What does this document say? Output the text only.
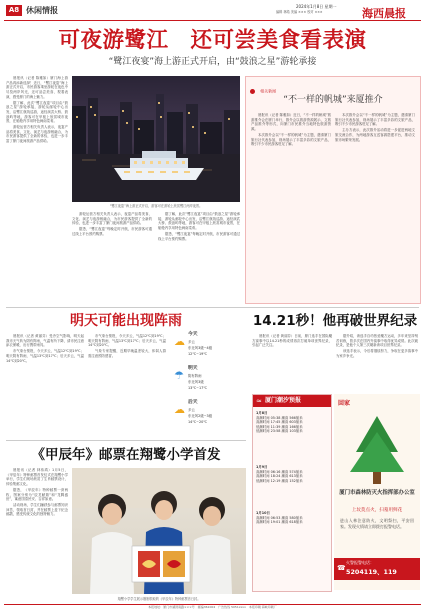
A8 休闲情报	2024年1月8日 星期一
编辑 林皓 美编 ××× 校对 ×××	海西晨报
可夜游鹭江　还可尝美食看表演
“鹭江夜宴”海上游正式开启，由“鼓浪之星”游轮承接

晨报讯（记者 陈雅如）厦门海上游产品再添新选择！近日，“鹭江夜宴”海上游正式开启，市民游客乘坐游轮在夜色中尽览两岸风光，还可品尝美食、观看表演，感受厦门的海上魅力。

据了解，此次“鹭江夜宴”项目由“鼓浪之星”游轮承接，游轮从邮轮中心出发，沿鹭江航线巡游，途经演武大桥、鼓浪屿等地，游客可在甲板上欣赏城市夜景，在船舱内享用特色闽南菜肴。

游轮运营方相关负责人表示，夜宴产品将美食、文化、演艺与夜游相融合，为市民游客提供了全新的体验，也进一步丰富了厦门夜间旅游产品供给。

“鹭江夜宴”海上游正式开启，游客可在游轮上欣赏鹭江两岸夜景。

游轮运营方相关负责人表示，夜宴产品将美食、文化、演艺与夜游相融合，为市民游客提供了全新的体验，也进一步丰富了厦门夜间旅游产品供给。

据悉，“鹭江夜宴”每晚定时开航，市民游客可通过线上平台预约购票。

据了解，此次“鹭江夜宴”项目由“鼓浪之星”游轮承接，游轮从邮轮中心出发，沿鹭江航线巡游，途经演武大桥、鼓浪屿等地，游客可在甲板上欣赏城市夜景，在船舱内享用特色闽南菜肴。

据悉，“鹭江夜宴”每晚定时开航，市民游客可通过线上平台预约购票。

相关新闻
“不一样的帆城”来厦推介

晨报讯（记者 陈雅如）近日，“不一样的帆城”旅游推介会在厦门举行，推介会以旅游资源展示、文旅产品推介等形式，向厦门市民推介当地特色旅游资源。

本次推介会以“不一样的帆城”为主题，邀请厦门旅行社代表参加，现场展示了丰富多彩的文旅产品，吸引不少市民游客驻足了解。

本次推介会以“不一样的帆城”为主题，邀请厦门旅行社代表参加，现场展示了丰富多彩的文旅产品，吸引不少市民游客驻足了解。

主办方表示，此次推介活动将进一步促进两地文旅交流合作，为两地游客互送客源搭建平台，推动文旅市场繁荣发展。

明天可能出现阵雨

晨报讯（记者 黄丽芬）受冷空气影响，明天起我市天气转为阴有阵雨，气温有所下降，请市民注意添衣保暖，出行携带雨具。

市气象台预报，今天多云，气温12℃到19℃；明天阴有阵雨，气温13℃到17℃；后天多云，气温14℃到20℃。

市气象台预报，今天多云，气温12℃到19℃；明天阴有阵雨，气温13℃到17℃；后天多云，气温14℃到20℃。

气象专家提醒，近期早晚温差较大，体弱人群需注意预防感冒。

☁
今天
多云
东北风3级~4级
12℃~19℃
☂
明天
阴有阵雨
东北风3级
13℃~17℃
☁
后天
多云
东北风2级~3级
14℃~20℃
《甲辰年》邮票在翔鹭小学首发

晨报讯（记者 林伟鸿）1月5日，《甲辰年》特种邮票首发仪式在翔鹭小学举行，学生们现场欣赏了生肖邮票设计，体验集邮文化。

据悉，《甲辰年》特种邮票一套两枚，图案分别为“辰龙献瑞”和“龙腾盛世”，寓意国泰民安、吉祥如意。

活动现场，学生们踊跃参与邮票知识问答，领取首日封，并在邮票上盖下纪念邮戳，感受传统文化的独特魅力。

翔鹭小学学生展示刚刚领取的《甲辰年》特种邮票首日封。
14.21秒！他再破世界纪录

晨报讯（记者 黄丽芬）日前，厦门选手在国际魔方赛事中以14.21秒的成绩再次打破单项世界纪录，引起广泛关注。

据介绍，该选手自幼热爱魔方运动，多年来坚持刻苦训练，曾多次在国内外赛事中取得优异成绩。此次破纪录，是他个人第三次刷新该项目世界纪录。

该选手表示，今后将继续努力，争取在更多赛事中为家乡争光。

≈ 厦门潮汐预报
1月8日
高潮时间 05:38 潮高 566厘米
高潮时间 17:45 潮高 603厘米
低潮时间 11:39 潮高 166厘米
低潮时间 23:58 潮高 103厘米
1月9日
高潮时间 06:16 潮高 574厘米
高潮时间 18:24 潮高 613厘米
低潮时间 12:19 潮高 152厘米
1月10日
高潮时间 06:53 潮高 580厘米
高潮时间 19:01 潮高 618厘米
回家
厦门市森林防灭火指挥部办公室
上坟莫点火，扫墓用鲜花
进山入林注意防火，文明祭扫，平安回家。发现火情请立即拨打报警电话。
☎
火警报警电话：
5204119、119
本报地址：厦门市湖滨南路×××号　邮编361004　广告热线 5051xxxx　本报印刷 海峡印刷厂
